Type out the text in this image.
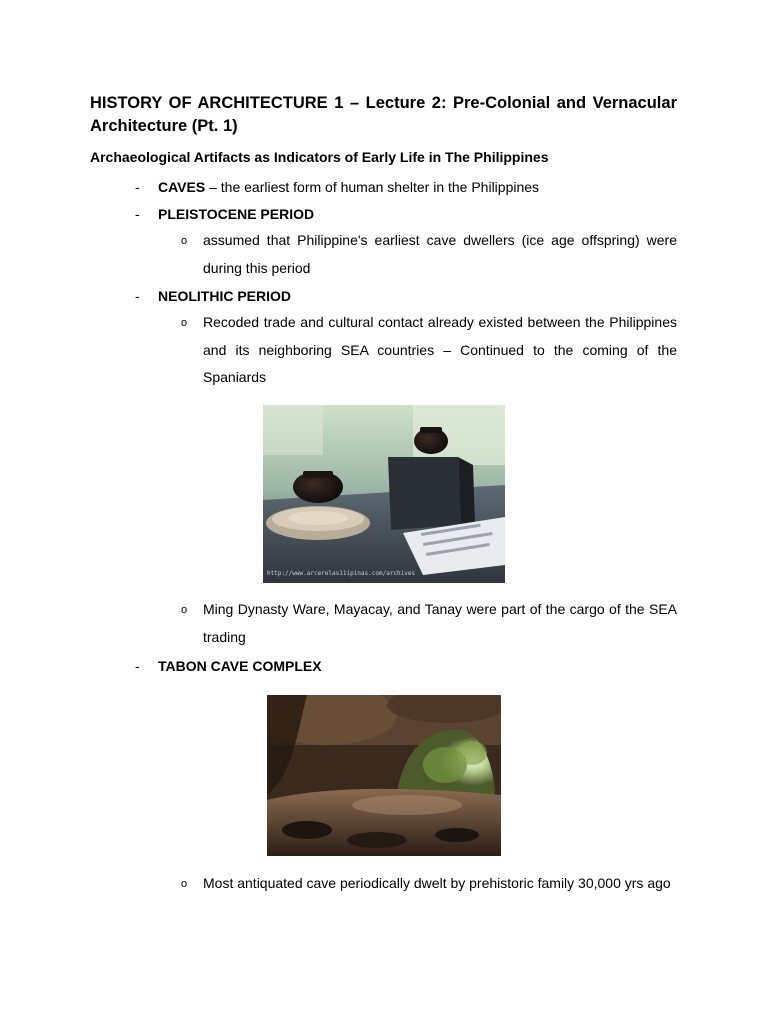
HISTORY OF ARCHITECTURE 1 – Lecture 2: Pre-Colonial and Vernacular Architecture (Pt. 1)
Archaeological Artifacts as Indicators of Early Life in The Philippines
- CAVES – the earliest form of human shelter in the Philippines
- PLEISTOCENE PERIOD
o assumed that Philippine's earliest cave dwellers (ice age offspring) were during this period
- NEOLITHIC PERIOD
o Recoded trade and cultural contact already existed between the Philippines and its neighboring SEA countries – Continued to the coming of the Spaniards
http://www.arcerelas11ipinas.com/archives
o Ming Dynasty Ware, Mayacay, and Tanay were part of the cargo of the SEA trading
- TABON CAVE COMPLEX
o Most antiquated cave periodically dwelt by prehistoric family 30,000 yrs ago
